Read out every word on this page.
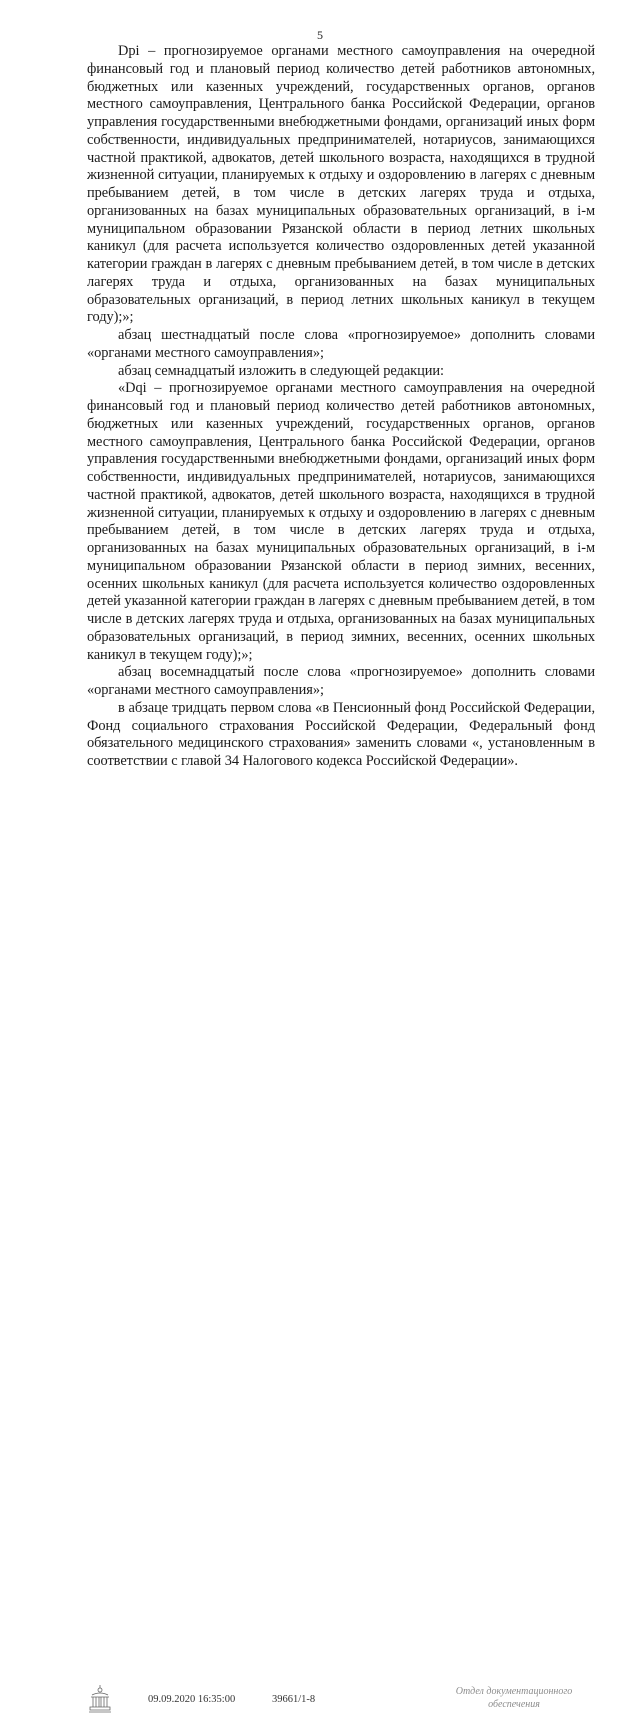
5

Dpi – прогнозируемое органами местного самоуправления на очередной финансовый год и плановый период количество детей работников автономных, бюджетных или казенных учреждений, государственных органов, органов местного самоуправления, Центрального банка Российской Федерации, органов управления государственными внебюджетными фондами, организаций иных форм собственности, индивидуальных предпринимателей, нотариусов, занимающихся частной практикой, адвокатов, детей школьного возраста, находящихся в трудной жизненной ситуации, планируемых к отдыху и оздоровлению в лагерях с дневным пребыванием детей, в том числе в детских лагерях труда и отдыха, организованных на базах муниципальных образовательных организаций, в i-м муниципальном образовании Рязанской области в период летних школьных каникул (для расчета используется количество оздоровленных детей указанной категории граждан в лагерях с дневным пребыванием детей, в том числе в детских лагерях труда и отдыха, организованных на базах муниципальных образовательных организаций, в период летних школьных каникул в текущем году);»;

абзац шестнадцатый после слова «прогнозируемое» дополнить словами «органами местного самоуправления»;

абзац семнадцатый изложить в следующей редакции:

«Dqi – прогнозируемое органами местного самоуправления на очередной финансовый год и плановый период количество детей работников автономных, бюджетных или казенных учреждений, государственных органов, органов местного самоуправления, Центрального банка Российской Федерации, органов управления государственными внебюджетными фондами, организаций иных форм собственности, индивидуальных предпринимателей, нотариусов, занимающихся частной практикой, адвокатов, детей школьного возраста, находящихся в трудной жизненной ситуации, планируемых к отдыху и оздоровлению в лагерях с дневным пребыванием детей, в том числе в детских лагерях труда и отдыха, организованных на базах муниципальных образовательных организаций, в i-м муниципальном образовании Рязанской области в период зимних, весенних, осенних школьных каникул (для расчета используется количество оздоровленных детей указанной категории граждан в лагерях с дневным пребыванием детей, в том числе в детских лагерях труда и отдыха, организованных на базах муниципальных образовательных организаций, в период зимних, весенних, осенних школьных каникул в текущем году);»;

абзац восемнадцатый после слова «прогнозируемое» дополнить словами «органами местного самоуправления»;

в абзаце тридцать первом слова «в Пенсионный фонд Российской Федерации, Фонд социального страхования Российской Федерации, Федеральный фонд обязательного медицинского страхования» заменить словами «, установленным в соответствии с главой 34 Налогового кодекса Российской Федерации».

09.09.2020 16:35:00	39661/1-8
Отдел документационного
обеспечения
